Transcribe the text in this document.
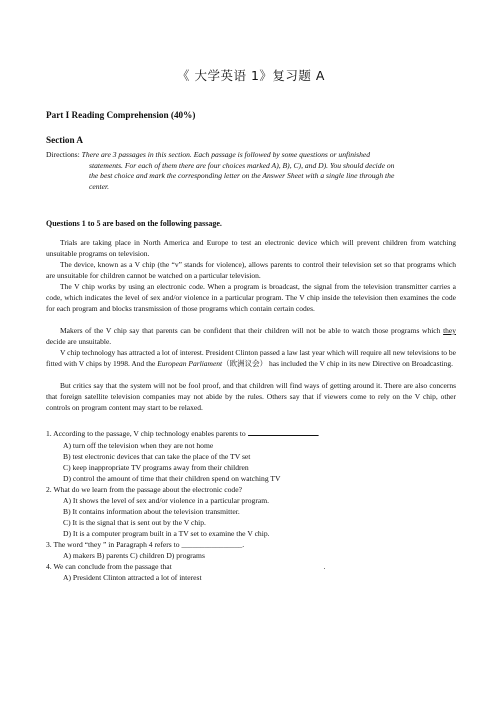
《 大学英语 1》复习题 A
Part I Reading Comprehension (40%)
Section A
Directions: There are 3 passages in this section. Each passage is followed by some questions or unfinished
statements. For each of them there are four choices marked A), B), C), and D). You should decide on
the best choice and mark the corresponding letter on the Answer Sheet with a single line through the
center.
Questions 1 to 5 are based on the following passage.
Trials are taking place in North America and Europe to test an electronic device which will prevent children from watching unsuitable programs on television.
The device, known as a V chip (the “v” stands for violence), allows parents to control their television set so that programs which are unsuitable for children cannot be watched on a particular television.
The V chip works by using an electronic code. When a program is broadcast, the signal from the television transmitter carries a code, which indicates the level of sex and/or violence in a particular program. The V chip inside the television then examines the code for each program and blocks transmission of those programs which contain certain codes.
Makers of the V chip say that parents can be confident that their children will not be able to watch those programs which they decide are unsuitable.
V chip technology has attracted a lot of interest. President Clinton passed a law last year which will require all new televisions to be fitted with V chips by 1998. And the European Parliament（欧洲议会） has included the V chip in its new Directive on Broadcasting.
But critics say that the system will not be fool proof, and that children will find ways of getting around it. There are also concerns that foreign satellite television companies may not abide by the rules. Others say that if viewers come to rely on the V chip, other controls on program content may start to be relaxed.
1. According to the passage, V chip technology enables parents to	.
A) turn off the television when they are not home
B) test electronic devices that can take the place of the TV set
C) keep inappropriate TV programs away from their children
D) control the amount of time that their children spend on watching TV
2. What do we learn from the passage about the electronic code?
A) It shows the level of sex and/or violence in a particular program.
B) It contains information about the television transmitter.
C) It is the signal that is sent out by the V chip.
D) It is a computer program built in a TV set to examine the V chip.
3. The word “they ” in Paragraph 4 refers to ________________.
A) makers B) parents C) children D) programs
4. We can conclude from the passage that	.
A) President Clinton attracted a lot of interest
